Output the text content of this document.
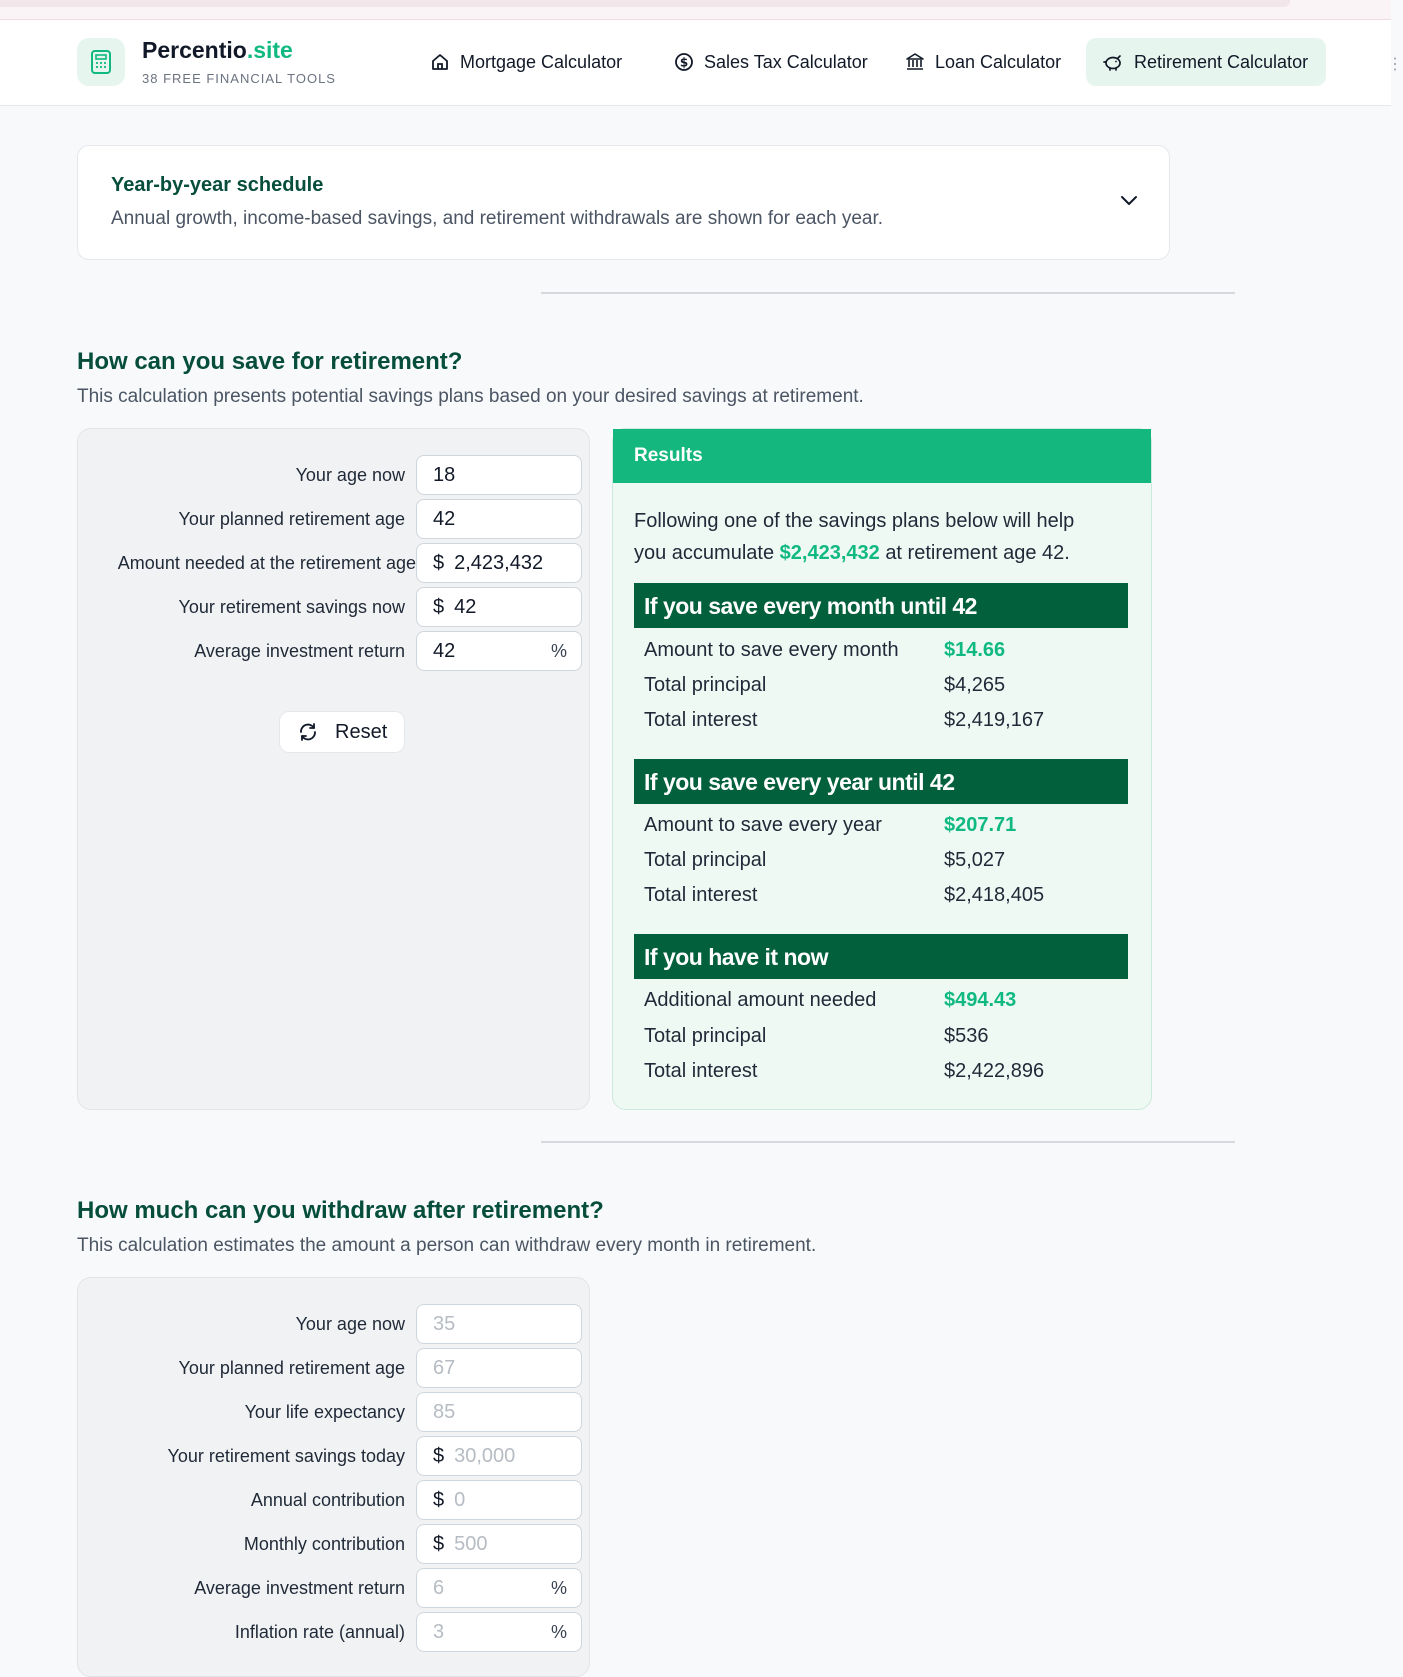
Percentio.site
38 FREE FINANCIAL TOOLS
Mortgage Calculator	$ Sales Tax Calculator	Loan Calculator	Retirement Calculator	⋮
Year-by-year schedule
Annual growth, income-based savings, and retirement withdrawals are shown for each year.
How can you save for retirement?
This calculation presents potential savings plans based on your desired savings at retirement.
Your age now 18
Your planned retirement age 42
Amount needed at the retirement age $ 2,423,432
Your retirement savings now $ 42
Average investment return 42	%
Reset
Results
Following one of the savings plans below will help
you accumulate $2,423,432 at retirement age 42.
If you save every month until 42
Amount to save every month $14.66
Total principal	$4,265
Total interest	$2,419,167
If you save every year until 42
Amount to save every year	$207.71
Total principal	$5,027
Total interest	$2,418,405
If you have it now
Additional amount needed	$494.43
Total principal	$536
Total interest	$2,422,896
How much can you withdraw after retirement?
This calculation estimates the amount a person can withdraw every month in retirement.
Your age now 35
Your planned retirement age 67
Your life expectancy 85
Your retirement savings today $ 30,000
Annual contribution $ 0
Monthly contribution $ 500
Average investment return 6	%
Inflation rate (annual) 3	%
